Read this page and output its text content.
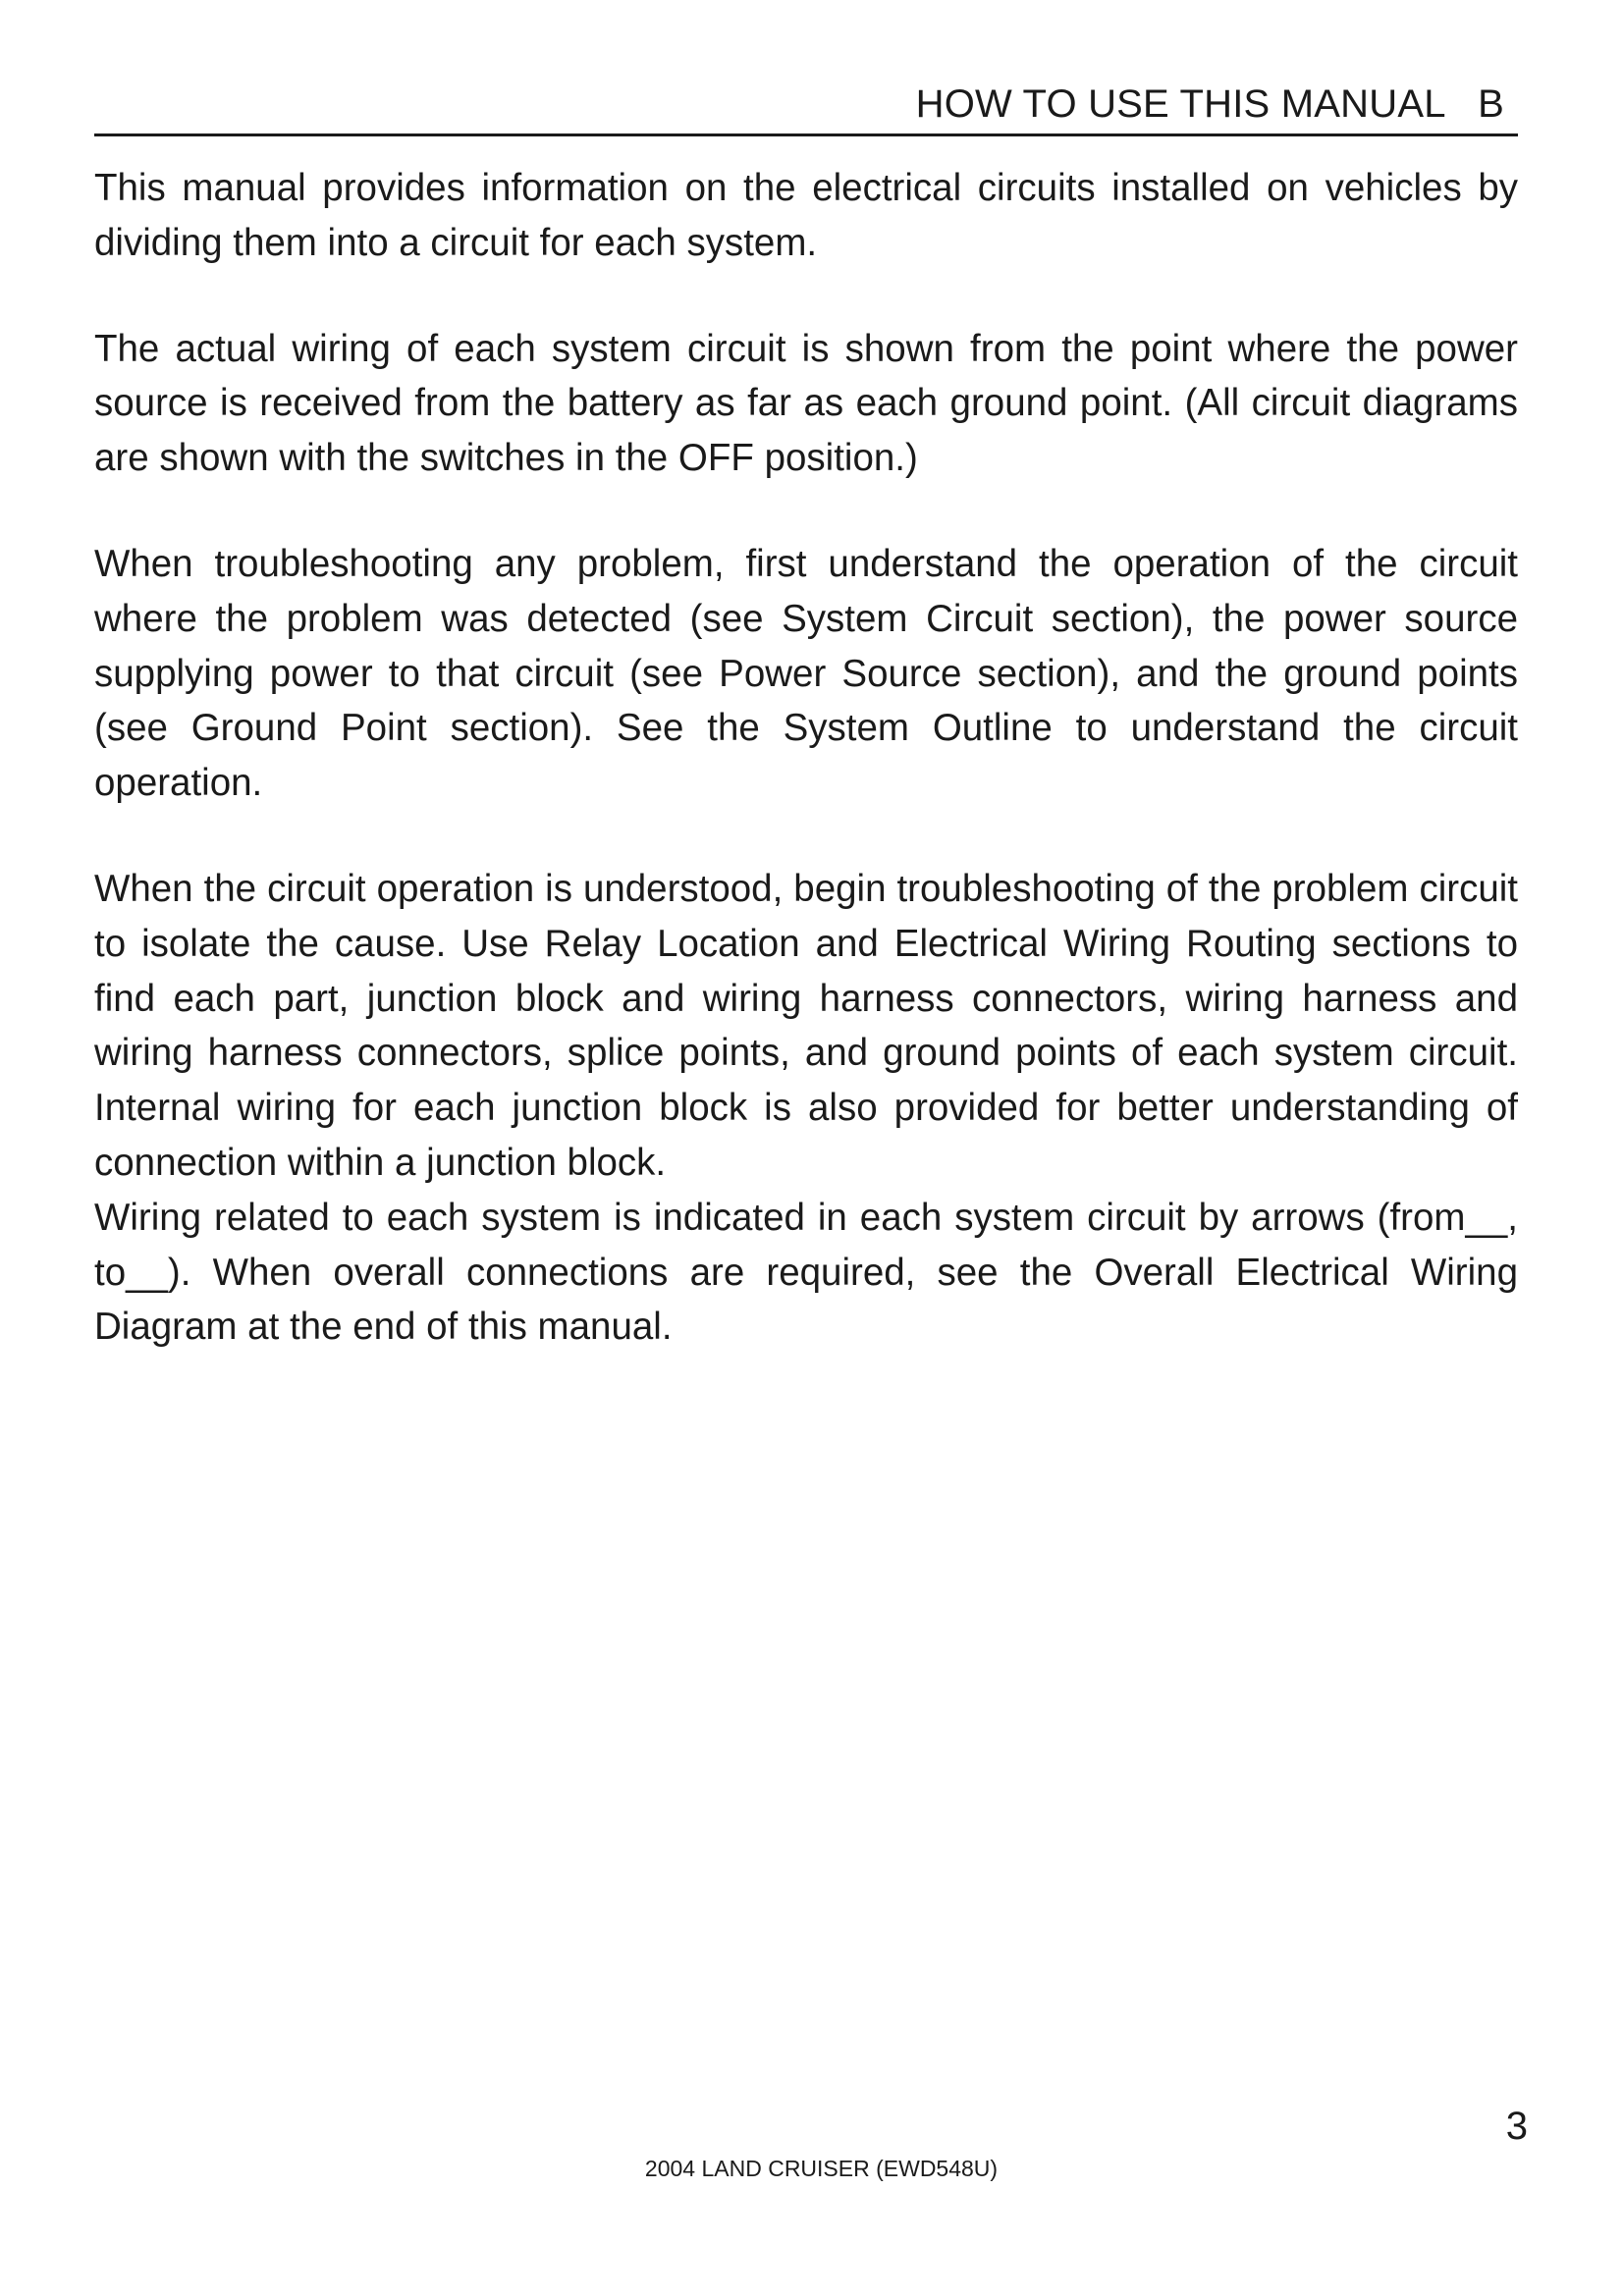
HOW TO USE THIS MANUAL   B

This manual provides information on the electrical circuits installed on vehicles by dividing them into a circuit for each system.

The actual wiring of each system circuit is shown from the point where the power source is received from the battery as far as each ground point. (All circuit diagrams are shown with the switches in the OFF position.)

When troubleshooting any problem, first understand the operation of the circuit where the problem was detected (see System Circuit section), the power source supplying power to that circuit (see Power Source section), and the ground points (see Ground Point section). See the System Outline to understand the circuit operation.

When the circuit operation is understood, begin troubleshooting of the problem circuit to isolate the cause. Use Relay Location and Electrical Wiring Routing sections to find each part, junction block and wiring harness connectors, wiring harness and wiring harness connectors, splice points, and ground points of each system circuit. Internal wiring for each junction block is also provided for better understanding of connection within a junction block.

Wiring related to each system is indicated in each system circuit by arrows (from__, to__). When overall connections are required, see the Overall Electrical Wiring Diagram at the end of this manual.

3
2004 LAND CRUISER (EWD548U)
